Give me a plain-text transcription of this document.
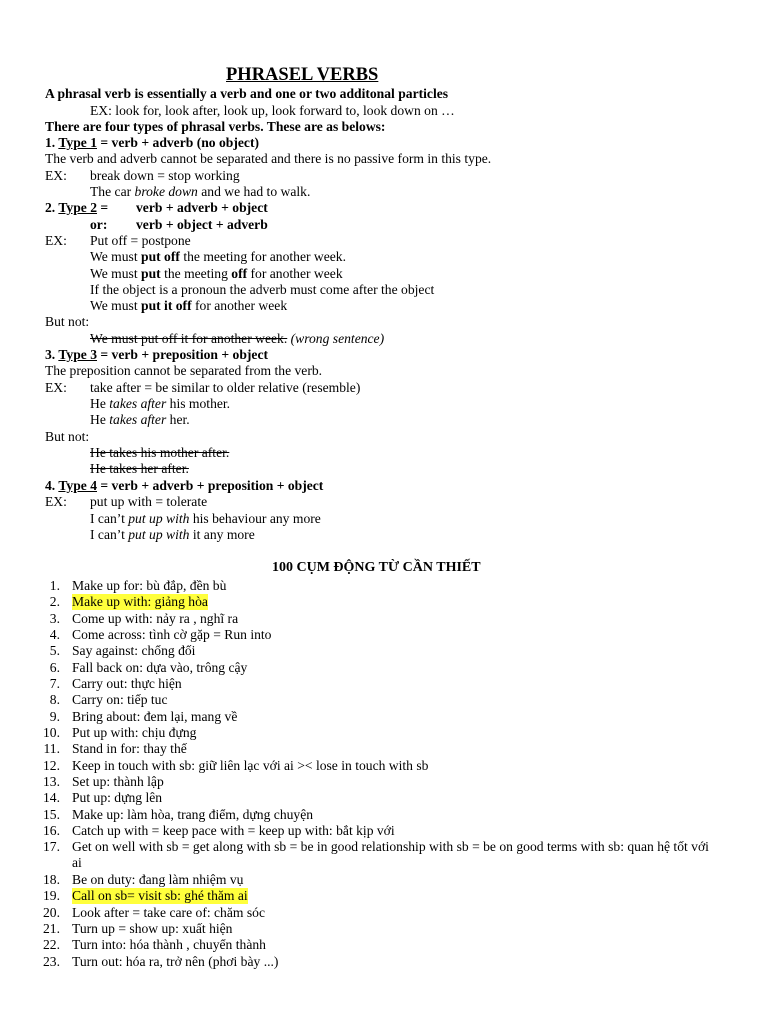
PHRASEL VERBS
A phrasal verb is essentially a verb and one or two additonal particles
EX: look for, look after, look up, look forward to, look down on …
There are four types of phrasal verbs. These are as belows:
1. Type 1 = verb + adverb (no object)
The verb and adverb cannot be separated and there is no passive form in this type.
EX: break down = stop working
The car broke down and we had to walk.
2. Type 2 = verb + adverb + object
or: verb + object + adverb
EX: Put off = postpone
We must put off the meeting for another week.
We must put the meeting off for another week
If the object is a pronoun the adverb must come after the object
We must put it off for another week
But not:
We must put off it for another week. (wrong sentence)
3. Type 3 = verb + preposition + object
The preposition cannot be separated from the verb.
EX: take after = be similar to older relative (resemble)
He takes after his mother.
He takes after her.
But not:
He takes his mother after.
He takes her after.
4. Type 4 = verb + adverb + preposition + object
EX: put up with = tolerate
I can’t put up with his behaviour any more
I can’t put up with it any more
100 CỤM ĐỘNG TỪ CẦN THIẾT
1. Make up for: bù đắp, đền bù
2. Make up with: giảng hòa
3. Come up with: nảy ra , nghĩ ra
4. Come across: tình cờ gặp = Run into
5. Say against: chống đối
6. Fall back on: dựa vào, trông cậy
7. Carry out: thực hiện
8. Carry on: tiếp tuc
9. Bring about: đem lại, mang về
10. Put up with: chịu đựng
11. Stand in for: thay thế
12. Keep in touch with sb: giữ liên lạc với ai >< lose in touch with sb
13. Set up: thành lập
14. Put up: dựng lên
15. Make up: làm hòa, trang điểm, dựng chuyện
16. Catch up with = keep pace with = keep up with: bắt kịp với
17. Get on well with sb = get along with sb = be in good relationship with sb = be on good terms with sb: quan hệ tốt với
ai
18. Be on duty: đang làm nhiệm vụ
19. Call on sb= visit sb: ghé thăm ai
20. Look after = take care of: chăm sóc
21. Turn up = show up: xuất hiện
22. Turn into: hóa thành , chuyển thành
23. Turn out: hóa ra, trở nên (phơi bày ...)
